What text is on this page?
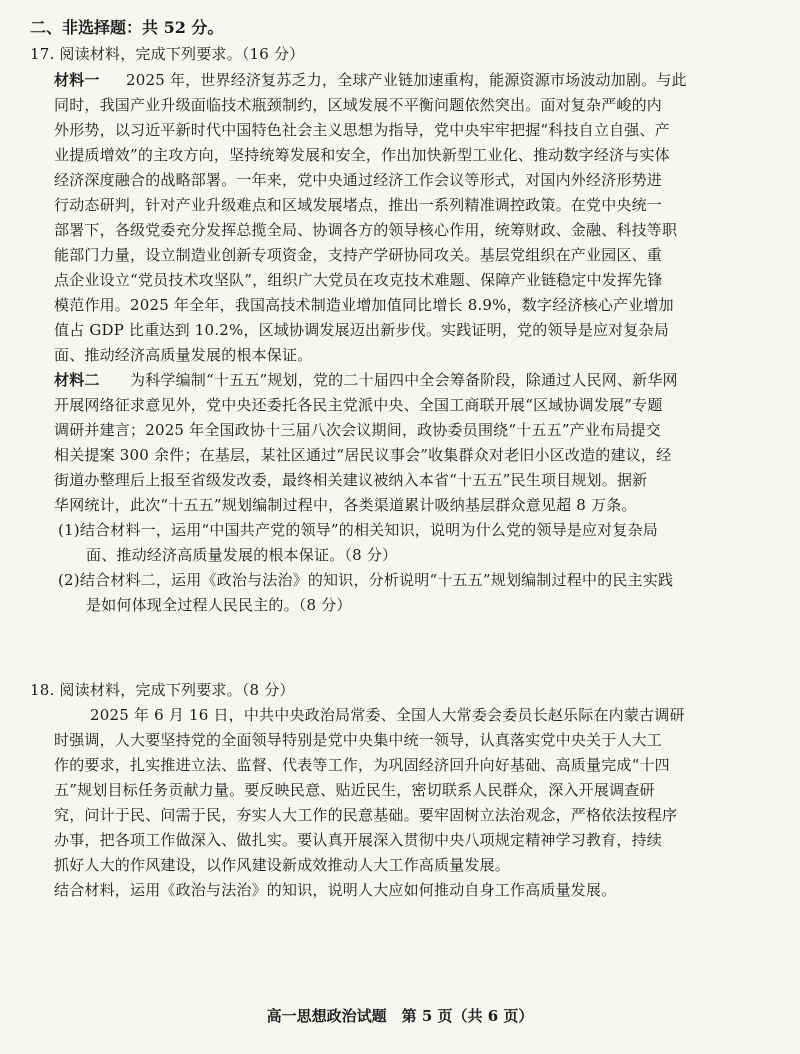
二、非选择题：共 52 分。
17. 阅读材料，完成下列要求。（16 分）
材料一 2025 年，世界经济复苏乏力，全球产业链加速重构，能源资源市场波动加剧。与此
同时，我国产业升级面临技术瓶颈制约，区域发展不平衡问题依然突出。面对复杂严峻的内
外形势，以习近平新时代中国特色社会主义思想为指导，党中央牢牢把握“科技自立自强、产
业提质增效”的主攻方向，坚持统筹发展和安全，作出加快新型工业化、推动数字经济与实体
经济深度融合的战略部署。一年来，党中央通过经济工作会议等形式，对国内外经济形势进
行动态研判，针对产业升级难点和区域发展堵点，推出一系列精准调控政策。在党中央统一
部署下，各级党委充分发挥总揽全局、协调各方的领导核心作用，统筹财政、金融、科技等职
能部门力量，设立制造业创新专项资金，支持产学研协同攻关。基层党组织在产业园区、重
点企业设立“党员技术攻坚队”，组织广大党员在攻克技术难题、保障产业链稳定中发挥先锋
模范作用。2025 年全年，我国高技术制造业增加值同比增长 8.9%，数字经济核心产业增加
值占 GDP 比重达到 10.2%，区域协调发展迈出新步伐。实践证明，党的领导是应对复杂局
面、推动经济高质量发展的根本保证。
材料二 为科学编制“十五五”规划，党的二十届四中全会筹备阶段，除通过人民网、新华网
开展网络征求意见外，党中央还委托各民主党派中央、全国工商联开展“区域协调发展”专题
调研并建言；2025 年全国政协十三届八次会议期间，政协委员围绕“十五五”产业布局提交
相关提案 300 余件；在基层，某社区通过“居民议事会”收集群众对老旧小区改造的建议，经
街道办整理后上报至省级发改委，最终相关建议被纳入本省“十五五”民生项目规划。据新
华网统计，此次“十五五”规划编制过程中，各类渠道累计吸纳基层群众意见超 8 万条。
(1)结合材料一，运用“中国共产党的领导”的相关知识，说明为什么党的领导是应对复杂局
面、推动经济高质量发展的根本保证。（8 分）
(2)结合材料二，运用《政治与法治》的知识，分析说明“十五五”规划编制过程中的民主实践
是如何体现全过程人民民主的。（8 分）
18. 阅读材料，完成下列要求。（8 分）
2025 年 6 月 16 日，中共中央政治局常委、全国人大常委会委员长赵乐际在内蒙古调研
时强调，人大要坚持党的全面领导特别是党中央集中统一领导，认真落实党中央关于人大工
作的要求，扎实推进立法、监督、代表等工作，为巩固经济回升向好基础、高质量完成“十四
五”规划目标任务贡献力量。要反映民意、贴近民生，密切联系人民群众，深入开展调查研
究，问计于民、问需于民，夯实人大工作的民意基础。要牢固树立法治观念，严格依法按程序
办事，把各项工作做深入、做扎实。要认真开展深入贯彻中央八项规定精神学习教育，持续
抓好人大的作风建设，以作风建设新成效推动人大工作高质量发展。
结合材料，运用《政治与法治》的知识，说明人大应如何推动自身工作高质量发展。
高一思想政治试题　第 5 页（共 6 页）
